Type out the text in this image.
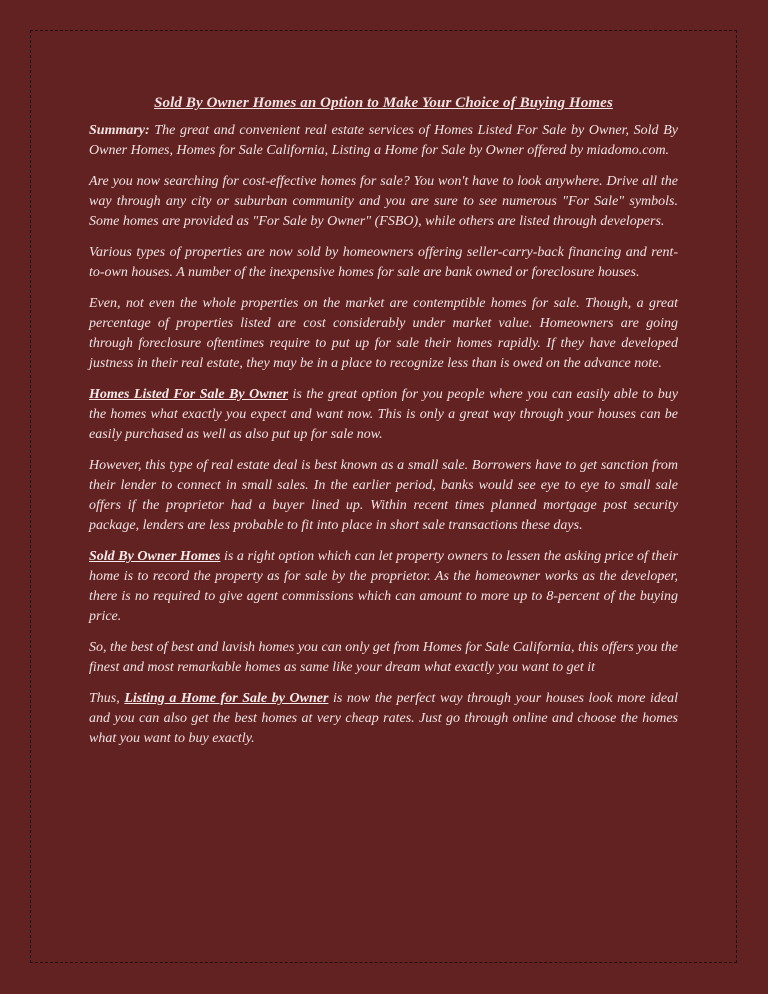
Sold By Owner Homes an Option to Make Your Choice of Buying Homes

Summary: The great and convenient real estate services of Homes Listed For Sale by Owner, Sold By Owner Homes, Homes for Sale California, Listing a Home for Sale by Owner offered by miadomo.com.

Are you now searching for cost-effective homes for sale? You won't have to look anywhere. Drive all the way through any city or suburban community and you are sure to see numerous "For Sale" symbols. Some homes are provided as "For Sale by Owner" (FSBO), while others are listed through developers.

Various types of properties are now sold by homeowners offering seller-carry-back financing and rent-to-own houses. A number of the inexpensive homes for sale are bank owned or foreclosure houses.

Even, not even the whole properties on the market are contemptible homes for sale. Though, a great percentage of properties listed are cost considerably under market value. Homeowners are going through foreclosure oftentimes require to put up for sale their homes rapidly. If they have developed justness in their real estate, they may be in a place to recognize less than is owed on the advance note.

Homes Listed For Sale By Owner is the great option for you people where you can easily able to buy the homes what exactly you expect and want now. This is only a great way through your houses can be easily purchased as well as also put up for sale now.

However, this type of real estate deal is best known as a small sale. Borrowers have to get sanction from their lender to connect in small sales. In the earlier period, banks would see eye to eye to small sale offers if the proprietor had a buyer lined up. Within recent times planned mortgage post security package, lenders are less probable to fit into place in short sale transactions these days.

Sold By Owner Homes is a right option which can let property owners to lessen the asking price of their home is to record the property as for sale by the proprietor. As the homeowner works as the developer, there is no required to give agent commissions which can amount to more up to 8-percent of the buying price.

So, the best of best and lavish homes you can only get from Homes for Sale California, this offers you the finest and most remarkable homes as same like your dream what exactly you want to get it

Thus, Listing a Home for Sale by Owner is now the perfect way through your houses look more ideal and you can also get the best homes at very cheap rates. Just go through online and choose the homes what you want to buy exactly.
